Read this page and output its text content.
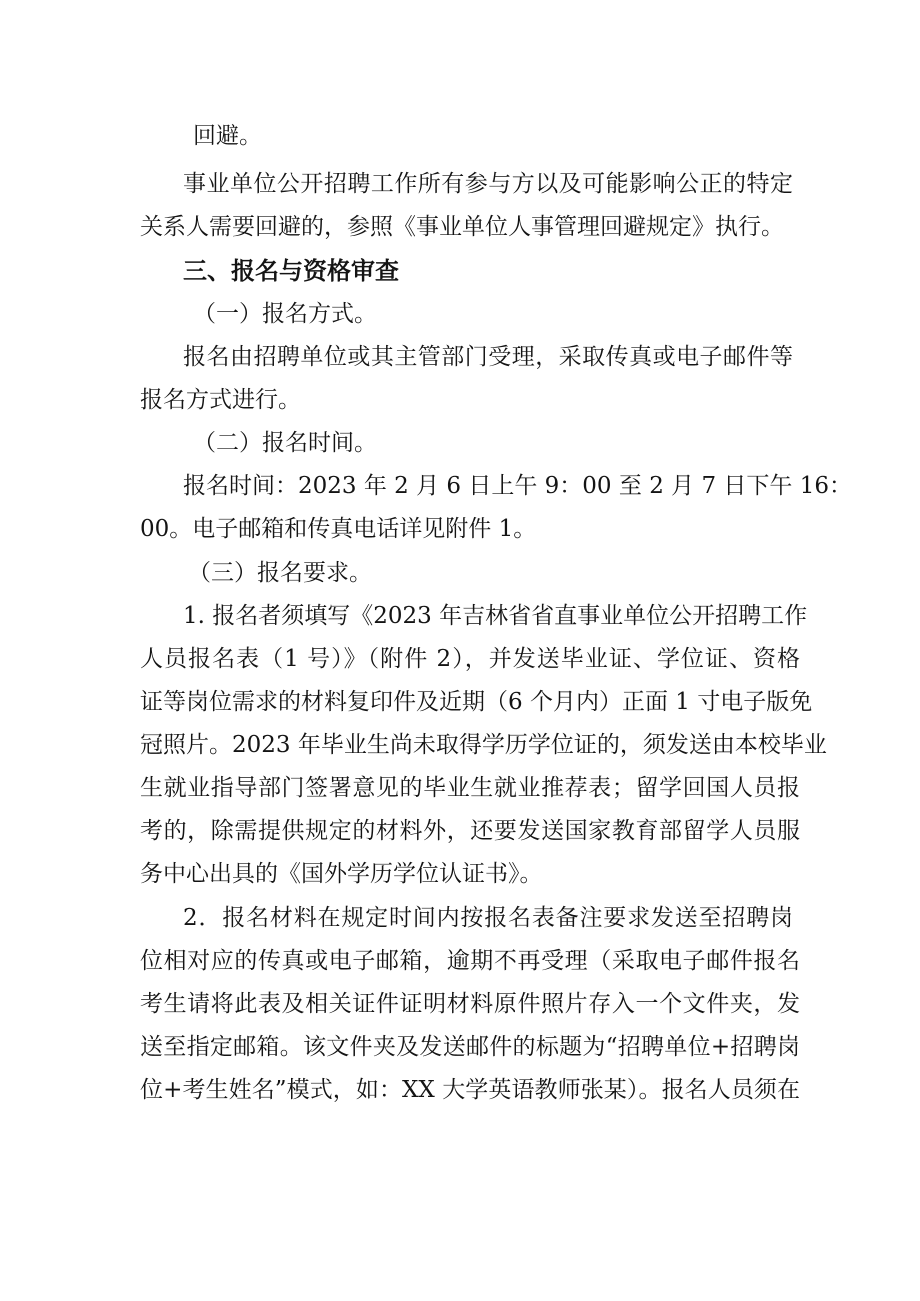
回避。
事业单位公开招聘工作所有参与方以及可能影响公正的特定
关系人需要回避的，参照《事业单位人事管理回避规定》执行。
三、报名与资格审查
（一）报名方式。
报名由招聘单位或其主管部门受理，采取传真或电子邮件等
报名方式进行。
（二）报名时间。
报名时间：2023 年 2 月 6 日上午 9：00 至 2 月 7 日下午 16：
00。电子邮箱和传真电话详见附件 1。
（三）报名要求。
1. 报名者须填写《2023 年吉林省省直事业单位公开招聘工作
人员报名表（1 号）》（附件 2），并发送毕业证、学位证、资格
证等岗位需求的材料复印件及近期（6 个月内）正面 1 寸电子版免
冠照片。2023 年毕业生尚未取得学历学位证的，须发送由本校毕业
生就业指导部门签署意见的毕业生就业推荐表；留学回国人员报
考的，除需提供规定的材料外，还要发送国家教育部留学人员服
务中心出具的《国外学历学位认证书》。
2．报名材料在规定时间内按报名表备注要求发送至招聘岗
位相对应的传真或电子邮箱，逾期不再受理（采取电子邮件报名
考生请将此表及相关证件证明材料原件照片存入一个文件夹，发
送至指定邮箱。该文件夹及发送邮件的标题为“招聘单位+招聘岗
位+考生姓名”模式，如：XX 大学英语教师张某）。报名人员须在
